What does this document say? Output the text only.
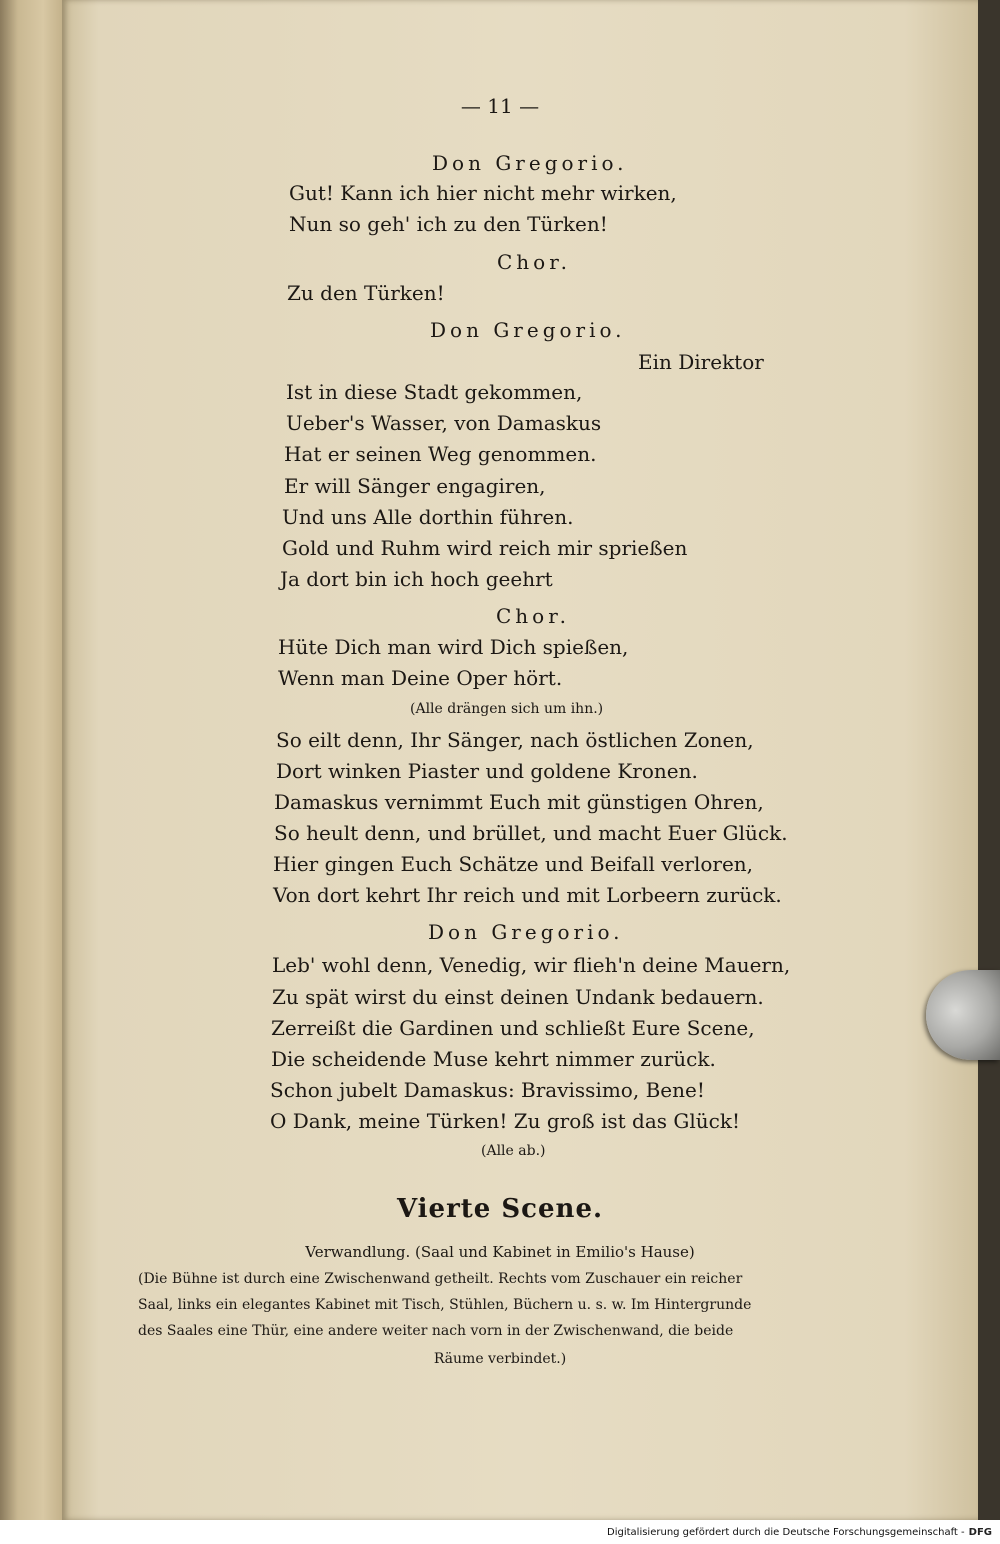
— 11 —
Don Gregorio.
Gut! Kann ich hier nicht mehr wirken,
Nun so geh' ich zu den Türken!
Chor.
Zu den Türken!
Don Gregorio.
Ein Direktor
Ist in diese Stadt gekommen,
Ueber's Wasser, von Damaskus
Hat er seinen Weg genommen.
Er will Sänger engagiren,
Und uns Alle dorthin führen.
Gold und Ruhm wird reich mir sprießen
Ja dort bin ich hoch geehrt
Chor.
Hüte Dich man wird Dich spießen,
Wenn man Deine Oper hört.
(Alle drängen sich um ihn.)
So eilt denn, Ihr Sänger, nach östlichen Zonen,
Dort winken Piaster und goldene Kronen.
Damaskus vernimmt Euch mit günstigen Ohren,
So heult denn, und brüllet, und macht Euer Glück.
Hier gingen Euch Schätze und Beifall verloren,
Von dort kehrt Ihr reich und mit Lorbeern zurück.
Don Gregorio.
Leb' wohl denn, Venedig, wir flieh'n deine Mauern,
Zu spät wirst du einst deinen Undank bedauern.
Zerreißt die Gardinen und schließt Eure Scene,
Die scheidende Muse kehrt nimmer zurück.
Schon jubelt Damaskus: Bravissimo, Bene!
O Dank, meine Türken! Zu groß ist das Glück!
(Alle ab.)
Vierte Scene.
Verwandlung. (Saal und Kabinet in Emilio's Hause)
(Die Bühne ist durch eine Zwischenwand getheilt. Rechts vom Zuschauer ein reicher
Saal, links ein elegantes Kabinet mit Tisch, Stühlen, Büchern u. s. w. Im Hintergrunde
des Saales eine Thür, eine andere weiter nach vorn in der Zwischenwand, die beide
Räume verbindet.)
Digitalisierung gefördert durch die Deutsche Forschungsgemeinschaft - DFG
